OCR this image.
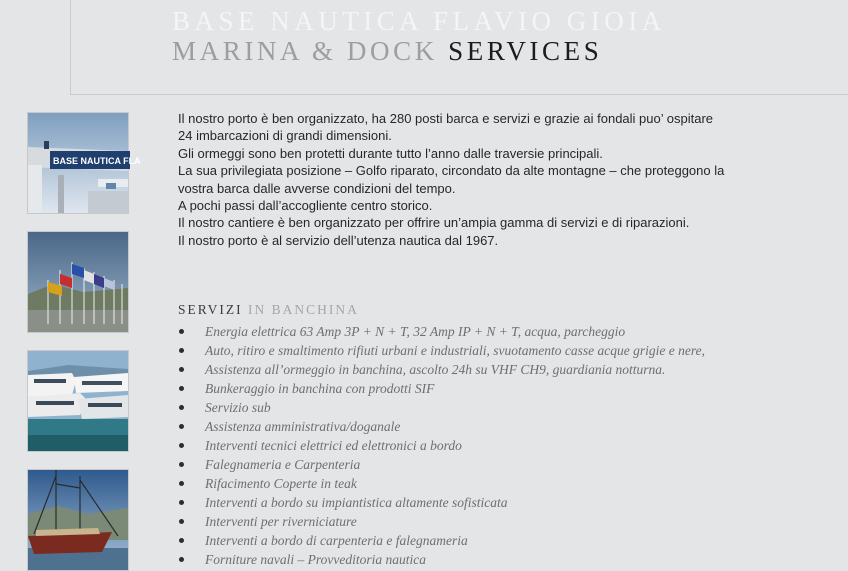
BASE NAUTICA FLAVIO GIOIA
MARINA & DOCK SERVICES
BASE NAUTICA FLA

Il nostro porto è ben organizzato, ha 280 posti barca e servizi e grazie ai fondali puo’ ospitare

24 imbarcazioni di grandi dimensioni.

Gli ormeggi sono ben protetti durante tutto l’anno dalle traversie principali.

La sua privilegiata posizione – Golfo riparato, circondato da alte montagne – che proteggono la

vostra barca dalle avverse condizioni del tempo.

A pochi passi dall’accogliente centro storico.

Il nostro cantiere è ben organizzato per offrire un’ampia gamma di servizi e di riparazioni.

Il nostro porto è al servizio dell’utenza nautica dal 1967.

SERVIZI IN BANCHINA
Energia elettrica 63 Amp 3P + N + T, 32 Amp IP + N + T, acqua, parcheggio
Auto, ritiro e smaltimento rifiuti urbani e industriali, svuotamento casse acque grigie e nere,
Assistenza all’ormeggio in banchina, ascolto 24h su VHF CH9, guardiania notturna.
Bunkeraggio in banchina con prodotti SIF
Servizio sub
Assistenza amministrativa/doganale
Interventi tecnici elettrici ed elettronici a bordo
Falegnameria e Carpenteria
Rifacimento Coperte in teak
Interventi a bordo su impiantistica altamente sofisticata
Interventi per riverniciature
Interventi a bordo di carpenteria e falegnameria
Forniture navali – Provveditoria nautica
